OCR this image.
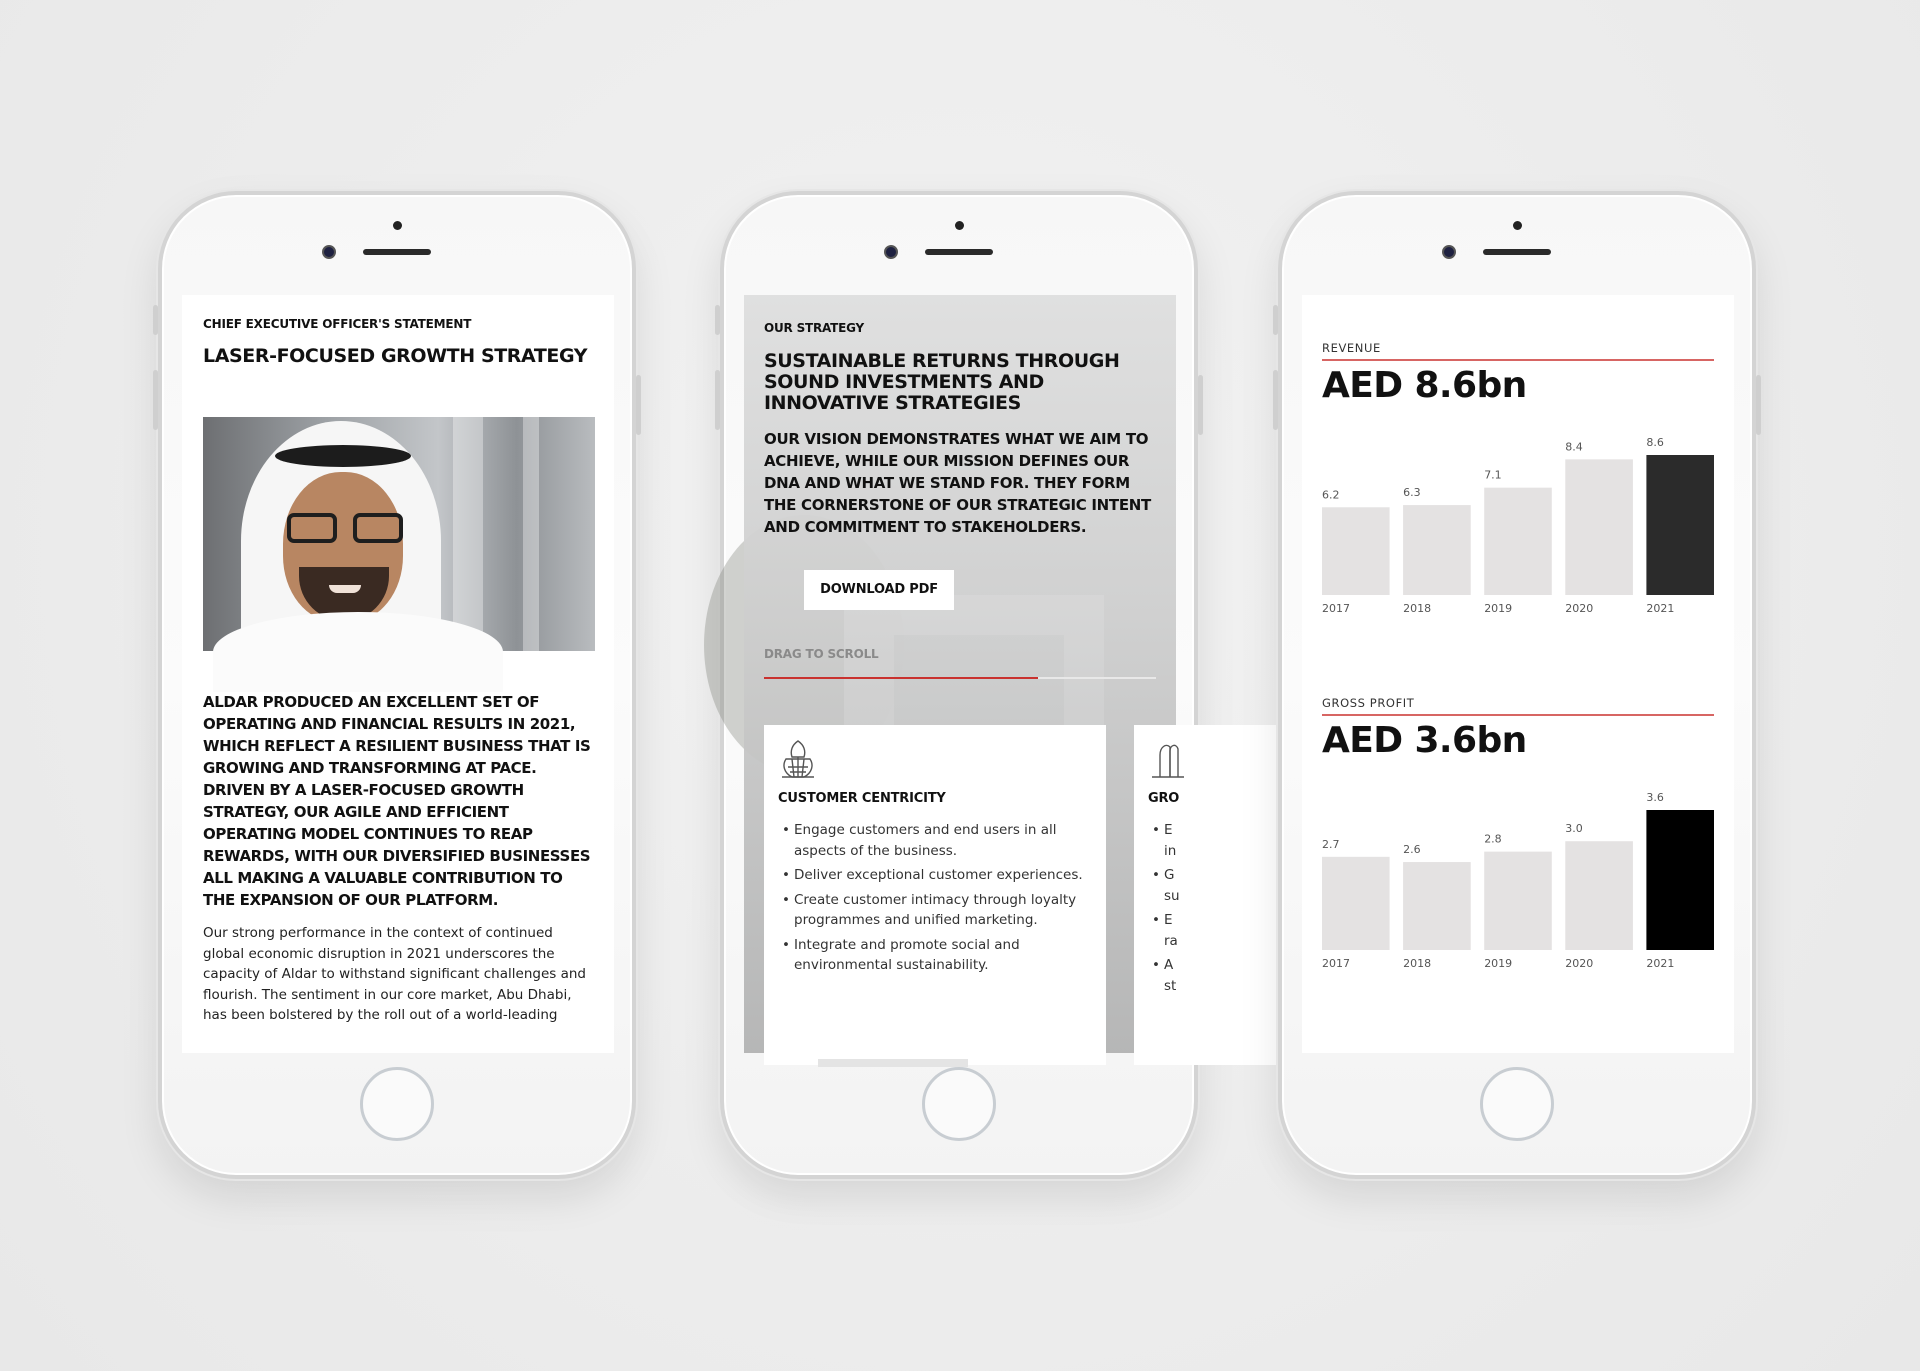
CHIEF EXECUTIVE OFFICER'S STATEMENT
LASER-FOCUSED GROWTH STRATEGY
ALDAR PRODUCED AN EXCELLENT SET OF OPERATING AND FINANCIAL RESULTS IN 2021, WHICH REFLECT A RESILIENT BUSINESS THAT IS GROWING AND TRANSFORMING AT PACE. DRIVEN BY A LASER-FOCUSED GROWTH STRATEGY, OUR AGILE AND EFFICIENT OPERATING MODEL CONTINUES TO REAP REWARDS, WITH OUR DIVERSIFIED BUSINESSES ALL MAKING A VALUABLE CONTRIBUTION TO THE EXPANSION OF OUR PLATFORM.
Our strong performance in the context of continued global economic disruption in 2021 underscores the capacity of Aldar to withstand significant challenges and flourish. The sentiment in our core market, Abu Dhabi, has been bolstered by the roll out of a world-leading
OUR STRATEGY
SUSTAINABLE RETURNS THROUGH SOUND INVESTMENTS AND INNOVATIVE STRATEGIES
OUR VISION DEMONSTRATES WHAT WE AIM TO ACHIEVE, WHILE OUR MISSION DEFINES OUR DNA AND WHAT WE STAND FOR. THEY FORM THE CORNERSTONE OF OUR STRATEGIC INTENT AND COMMITMENT TO STAKEHOLDERS.
DOWNLOAD PDF
DRAG TO SCROLL
CUSTOMER CENTRICITY
• Engage customers and end users in all aspects of the business.
• Deliver exceptional customer experiences.
• Create customer intimacy through loyalty programmes and unified marketing.
• Integrate and promote social and environmental sustainability.
GRO
• E
in
• G
su
• E
ra
• A
st
REVENUE
AED 8.6bn
6.2
2017
6.3
2018
7.1
2019
8.4
2020
8.6
2021
GROSS PROFIT
AED 3.6bn
2.7
2017
2.6
2018
2.8
2019
3.0
2020
3.6
2021
